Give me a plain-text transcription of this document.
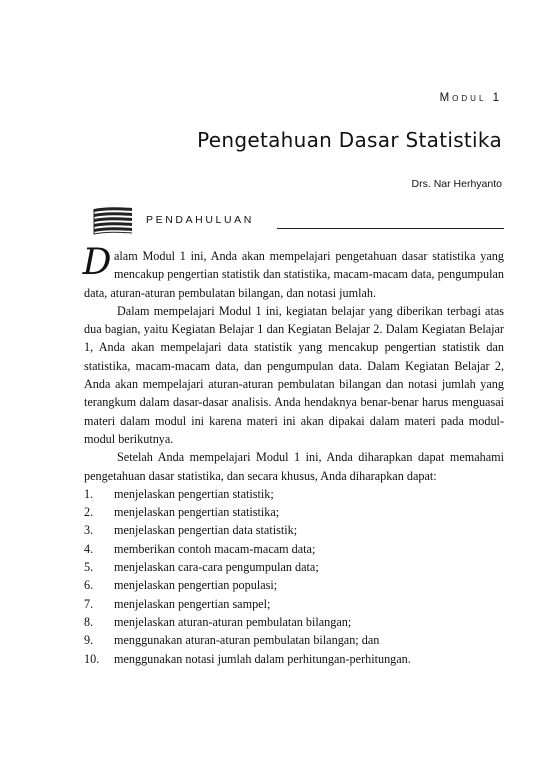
Modul 1
Pengetahuan Dasar Statistika
Drs. Nar Herhyanto
PENDAHULUAN

Dalam Modul 1 ini, Anda akan mempelajari pengetahuan dasar statistika yang mencakup pengertian statistik dan statistika, macam-macam data, pengumpulan data, aturan-aturan pembulatan bilangan, dan notasi jumlah.

Dalam mempelajari Modul 1 ini, kegiatan belajar yang diberikan terbagi atas dua bagian, yaitu Kegiatan Belajar 1 dan Kegiatan Belajar 2. Dalam Kegiatan Belajar 1, Anda akan mempelajari data statistik yang mencakup pengertian statistik dan statistika, macam-macam data, dan pengumpulan data. Dalam Kegiatan Belajar 2, Anda akan mempelajari aturan-aturan pembulatan bilangan dan notasi jumlah yang terangkum dalam dasar-dasar analisis. Anda hendaknya benar-benar harus menguasai materi dalam modul ini karena materi ini akan dipakai dalam materi pada modul-modul berikutnya.

Setelah Anda mempelajari Modul 1 ini, Anda diharapkan dapat memahami pengetahuan dasar statistika, dan secara khusus, Anda diharapkan dapat:

1.	menjelaskan pengertian statistik;
2.	menjelaskan pengertian statistika;
3.	menjelaskan pengertian data statistik;
4.	memberikan contoh macam-macam data;
5.	menjelaskan cara-cara pengumpulan data;
6.	menjelaskan pengertian populasi;
7.	menjelaskan pengertian sampel;
8.	menjelaskan aturan-aturan pembulatan bilangan;
9.	menggunakan aturan-aturan pembulatan bilangan; dan
10.	menggunakan notasi jumlah dalam perhitungan-perhitungan.
